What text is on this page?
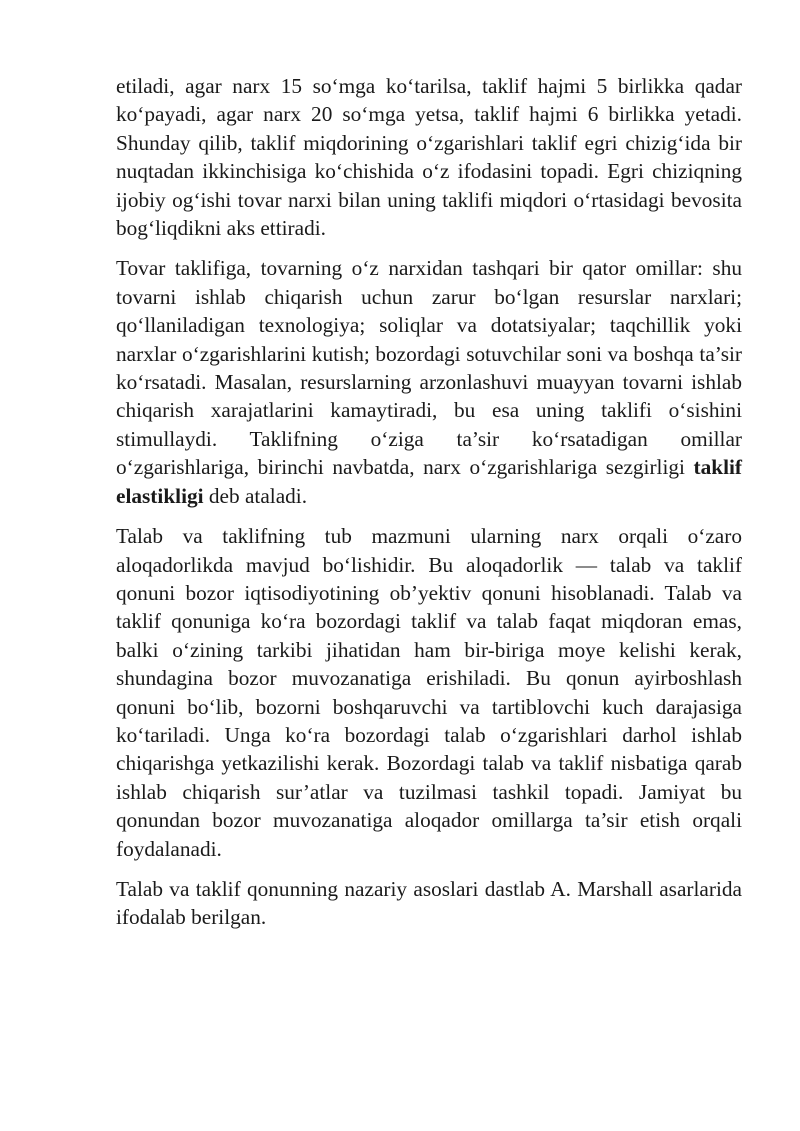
etiladi, agar narx 15 so‘mga ko‘tarilsa, taklif hajmi 5 birlikka qadar ko‘payadi, agar narx 20 so‘mga yetsa, taklif hajmi 6 birlikka yetadi. Shunday qilib, taklif miqdorining o‘zgarishlari taklif egri chizig‘ida bir nuqtadan ikkinchisiga ko‘chishida o‘z ifodasini topadi. Egri chiziqning ijobiy og‘ishi tovar narxi bilan uning taklifi miqdori o‘rtasidagi bevosita bog‘liqdikni aks ettiradi.

Tovar taklifiga, tovarning o‘z narxidan tashqari bir qator omillar: shu tovarni ishlab chiqarish uchun zarur bo‘lgan resurslar narxlari; qo‘llaniladigan texnologiya; soliqlar va dotatsiyalar; taqchillik yoki narxlar o‘zgarishlarini kutish; bozordagi sotuvchilar soni va boshqa ta’sir ko‘rsatadi. Masalan, resurslarning arzonlashuvi muayyan tovarni ishlab chiqarish xarajatlarini kamaytiradi, bu esa uning taklifi o‘sishini stimullaydi. Taklifning o‘ziga ta’sir ko‘rsatadigan omillar o‘zgarishlariga, birinchi navbatda, narx o‘zgarishlariga sezgirligi taklif elastikligi deb ataladi.

Talab va taklifning tub mazmuni ularning narx orqali o‘zaro aloqadorlikda mavjud bo‘lishidir. Bu aloqadorlik — talab va taklif qonuni bozor iqtisodiyotining ob’yektiv qonuni hisoblanadi. Talab va taklif qonuniga ko‘ra bozordagi taklif va talab faqat miqdoran emas, balki o‘zining tarkibi jihatidan ham bir-biriga moye kelishi kerak, shundagina bozor muvozanatiga erishiladi. Bu qonun ayirboshlash qonuni bo‘lib, bozorni boshqaruvchi va tartiblovchi kuch darajasiga ko‘tariladi. Unga ko‘ra bozordagi talab o‘zgarishlari darhol ishlab chiqarishga yetkazilishi kerak. Bozordagi talab va taklif nisbatiga qarab ishlab chiqarish sur’atlar va tuzilmasi tashkil topadi. Jamiyat bu qonundan bozor muvozanatiga aloqador omillarga ta’sir etish orqali foydalanadi.

Talab va taklif qonunning nazariy asoslari dastlab A. Marshall asarlarida ifodalab berilgan.
